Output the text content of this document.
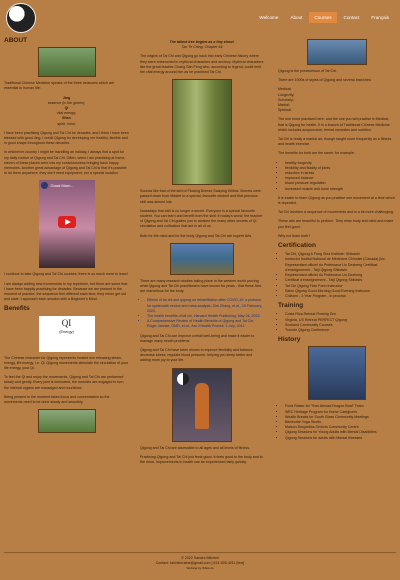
Welcome	About	Courses	Contact	Français
ABOUT

Traditional Chinese Medicine speaks of the three treasures which are essential to human life:

Jing
essence (in the genes);
Qi
vital energy;
Shen
spirit, mind.

I have been practising Qigong and Tai Chi for decades, and I think I have been blessed with good Jing. I credit Qigong for developing me healthy, flexible and in good shape throughout these decades.

In whichever country I might be travelling on holiday, I always find a spot for my daily routine of Qigong and Tai Chi. Often, when I am practising at home, eleven of these places were lots my consciousness bringing back happy memories. Another great advantage of Qigong and Tai Chi is that it's possible to do them anywhere, they don't need equipment, nor a special location.

Good Morn...

I continue to take Qigong and Tai Chi courses; there is so much more to learn!

I am always adding new movements to my repertoire, but there are some that I have been happily practising for decades. Because we are present in the moment of practice, the sequence feel different each time, they never get old and stale. I approach each session with a Beginner's Mind.

Benefits
QI
(Energy)

The Chinese character for Qigong represents heated rice releasing steam, energy, life energy, i.e. Qi. Qigong movements stimulate the circulation of your life energy, your Qi.

To feel the Qi and enjoy the movements, Qigong and Tai Chi are performed slowly and gently. Every joint is lubricated, the muscles are engaged in turn, the internal organs are massaged and nourished.

Being present in the moment takes focus and concentration so the movements need to be done slowly and smoothly.

The tallest tree begins as a tiny shoot.

Tao Te Ching, Chapter 64

The origins of Tai Chi and Qigong go back into early Chinese history where they were entrenched in mythical characters and secrecy. Mythical characters like the great teacher Chang San Feng who, according to legend, could emit the vital energy around him as he practised Tai Chi.

Sounds like that of the skill of Flowing Breeze Swaying Willow. Secrets were passed down from Master to a special, favourite student and that precious skill was almost lost.

Nowadays that skill is no longer a secret. Everyone is a special favourite student. You can learn and benefit from the skill. In today's world, the teacher of Qigong and Tai Chi guides you to awaken the many other secrets of Qi circulation and cultivation that are in all of us.

Both for the mind and for the body Qigong and Tai Chi are superb Arts.

There are many research studies taking place in the western world proving what Qigong and Tai Chi practitioners have known for years - that these Arts are marvellous for the body.

• Effects of tai chi and qigong on rehabilitation after COVID-19: a protocol for systematic review and meta-analysis, Zhe Zhang, et al., 18 February, 2022.
• The health benefits of tai chi, Harvard Health Publishing, May 24, 2022.
• A Comprehensive Review of Health Benefits of Qigong and Tai Chi, Roger Jahnke, OMD, et al., Am J Health Promot. 1 July, 2011.

Qigong and Tai Chi can improve overall well-being and make it easier to manage many health problems.

Qigong and Tai Chi have been shown to improve flexibility and balance, decrease stress, regulate blood pressure, helping you sleep better and adding more joy to your life.

Qigong and Tai Chi are accessible to all ages and all levels of fitness.

Practising Qigong and Tai Chi just feels good. It feels good to the body and to the mind. Improvements in health can be experienced fairly quickly.

Qigong is the predecessor of Tai Chi.

There are 1000s of styles of Qigong and several branches:

Medical;
Longevity;
Scholarly;
Martial;
Spiritual.

The one most practised here, and the one you will practise is Medical, that is Qigong for health. It is a branch of Traditional Chinese Medicine which includes acupuncture, herbal remedies and nutrition.

Tai Chi is really a martial art, though taught more frequently as a fitness and health exercise.

The benefits for both are the same, for example:

• healthy longevity
• flexibility and fluidity of joints
• reduction in stress
• improved balance
• blood pressure regulation
• increased muscle and bone strength

It is easier to learn Qigong as you practise one movement at a time which is repeated.

Tai Chi involves a sequence of movements and is a bit more challenging.

These arts are beautiful to perform. They relax body and mind and make you feel good.

Why not learn both?

Certification
• Tai Chi, Qigong & Fong Shui Institute: Shibashi
• Instructor Institut National de Médecine Chinoise (Canada) [sic. Representant officiel du Professeur Liu Dezheng Certificat d'enseignement - Taiji Qigong Shibashi
• Représentant officiel du Professeur Liu Dezheng
• Certificat d'enseignement - Taiji Qigong Shibashi
• Tai Chi Qigong Flow Form Instructor
• Salon Qigong Good Morning Good Evening Instructor
• Chiltonn - 2 Year Program - in process
Training
• Costa Rica Retreat Flowing Zen
• Virginia, US Retreat PERFECT Qigong
• Scotland Community Courses
• Toronto Qigong Conference
History
• Fund Raiser for "Sew Abroad Dragon Boat" Team
• WEC Heritage Program for Home Caregivers
• Wealth Breaks for South Glass Community Meetings
• Benevolte Yoga Studio
• Maison Desjardins Seniors Community Centre
• Qigong Sessions for Young Adults with Mental Disabilities
• Qigong Sessions for adults with Mental Illnesses
© 2022 Sandra Mitchell
Contact: taichilorraine@gmail.com | 514-526-4211 [text]
Website by Wikio.ca
